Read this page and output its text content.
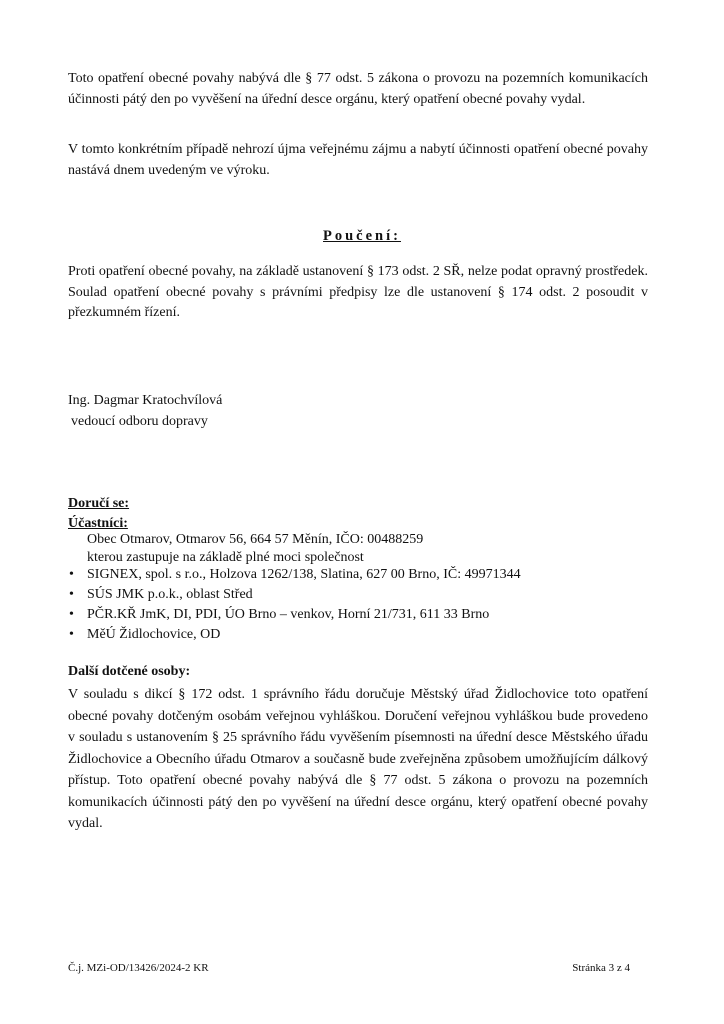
Toto opatření obecné povahy nabývá dle § 77 odst. 5 zákona o provozu na pozemních komunikacích účinnosti pátý den po vyvěšení na úřední desce orgánu, který opatření obecné povahy vydal.

V tomto konkrétním případě nehrozí újma veřejnému zájmu a nabytí účinnosti opatření obecné povahy nastává dnem uvedeným ve výroku.

Poučení:

Proti opatření obecné povahy, na základě ustanovení § 173 odst. 2 SŘ, nelze podat opravný prostředek. Soulad opatření obecné povahy s právními předpisy lze dle ustanovení § 174 odst. 2 posoudit v přezkumném řízení.

Ing. Dagmar Kratochvílová
vedoucí odboru dopravy
Doručí se:
Účastníci:
Obec Otmarov, Otmarov 56, 664 57 Měnín, IČO: 00488259
kterou zastupuje na základě plné moci společnost
• SIGNEX, spol. s r.o., Holzova 1262/138, Slatina, 627 00 Brno, IČ: 49971344
• SÚS JMK p.o.k., oblast Střed
• PČR.KŘ JmK, DI, PDI, ÚO Brno – venkov, Horní 21/731, 611 33 Brno
• MěÚ Židlochovice, OD
Další dotčené osoby:

V souladu s dikcí § 172 odst. 1 správního řádu doručuje Městský úřad Židlochovice toto opatření obecné povahy dotčeným osobám veřejnou vyhláškou. Doručení veřejnou vyhláškou bude provedeno v souladu s ustanovením § 25 správního řádu vyvěšením písemnosti na úřední desce Městského úřadu Židlochovice a Obecního úřadu Otmarov a současně bude zveřejněna způsobem umožňujícím dálkový přístup. Toto opatření obecné povahy nabývá dle § 77 odst. 5 zákona o provozu na pozemních komunikacích účinnosti pátý den po vyvěšení na úřední desce orgánu, který opatření obecné povahy vydal.

Č.j. MZi-OD/13426/2024-2 KR	Stránka 3 z 4
